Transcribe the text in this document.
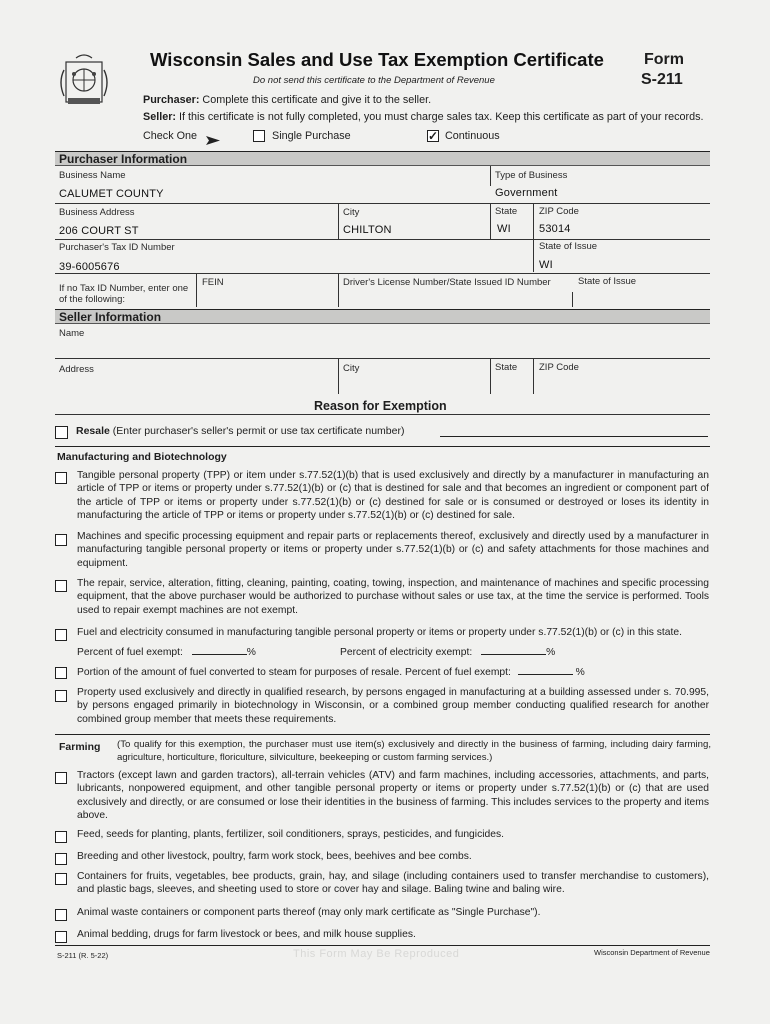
Wisconsin Sales and Use Tax Exemption Certificate	Form
S-211
Do not send this certificate to the Department of Revenue
Purchaser: Complete this certificate and give it to the seller.
Seller: If this certificate is not fully completed, you must charge sales tax. Keep this certificate as part of your records.
Check One	Single Purchase	✓ Continuous
Purchaser Information
Business Name	Type of Business
CALUMET COUNTY	Government
Business Address	City	State ZIP Code
206 COURT ST	CHILTON	WI	53014
Purchaser's Tax ID Number	State of Issue
39-6005676	WI
If no Tax ID Number, enter one of the following:
FEIN	Driver's License Number/State Issued ID Number	State of Issue
Seller Information
Name
Address	City	State ZIP Code
Reason for Exemption
Resale (Enter purchaser's seller's permit or use tax certificate number)
Manufacturing and Biotechnology
Tangible personal property (TPP) or item under s.77.52(1)(b) that is used exclusively and directly by a manufacturer in manufacturing an article of TPP or items or property under s.77.52(1)(b) or (c) that is destined for sale and that becomes an ingredient or component part of the article of TPP or items or property under s.77.52(1)(b) or (c) destined for sale or is consumed or destroyed or loses its identity in manufacturing the article of TPP or items or property under s.77.52(1)(b) or (c) destined for sale.
Machines and specific processing equipment and repair parts or replacements thereof, exclusively and directly used by a manufacturer in manufacturing tangible personal property or items or property under s.77.52(1)(b) or (c) and safety attachments for those machines and equipment.
The repair, service, alteration, fitting, cleaning, painting, coating, towing, inspection, and maintenance of machines and specific processing equipment, that the above purchaser would be authorized to purchase without sales or use tax, at the time the service is performed. Tools used to repair exempt machines are not exempt.
Fuel and electricity consumed in manufacturing tangible personal property or items or property under s.77.52(1)(b) or (c) in this state.
Percent of fuel exempt:	%	Percent of electricity exempt:	%
Portion of the amount of fuel converted to steam for purposes of resale. Percent of fuel exempt:	%
Property used exclusively and directly in qualified research, by persons engaged in manufacturing at a building assessed under s. 70.995, by persons engaged primarily in biotechnology in Wisconsin, or a combined group member conducting qualified research for another combined group member that meets these requirements.
Farming (To qualify for this exemption, the purchaser must use item(s) exclusively and directly in the business of farming, including dairy farming, agriculture, horticulture, floriculture, silviculture, beekeeping or custom farming services.)
Tractors (except lawn and garden tractors), all-terrain vehicles (ATV) and farm machines, including accessories, attachments, and parts, lubricants, nonpowered equipment, and other tangible personal property or items or property under s.77.52(1)(b) or (c) that are used exclusively and directly, or are consumed or lose their identities in the business of farming. This includes services to the property and items above.
Feed, seeds for planting, plants, fertilizer, soil conditioners, sprays, pesticides, and fungicides.
Breeding and other livestock, poultry, farm work stock, bees, beehives and bee combs.
Containers for fruits, vegetables, bee products, grain, hay, and silage (including containers used to transfer merchandise to customers), and plastic bags, sleeves, and sheeting used to store or cover hay and silage. Baling twine and baling wire.
Animal waste containers or component parts thereof (may only mark certificate as "Single Purchase").
Animal bedding, drugs for farm livestock or bees, and milk house supplies.
S-211 (R. 5-22)	This Form May Be Reproduced	Wisconsin Department of Revenue
